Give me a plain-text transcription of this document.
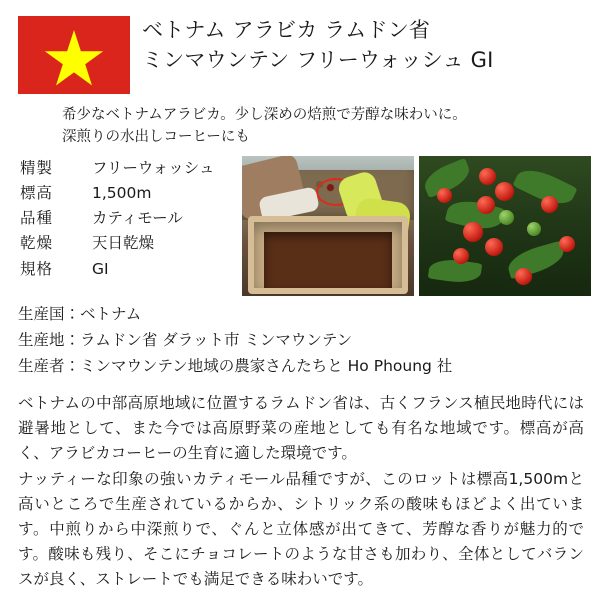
ベトナム アラビカ ラムドン省
ミンマウンテン フリーウォッシュ GI
希少なベトナムアラビカ。少し深めの焙煎で芳醇な味わいに。
深煎りの水出しコーヒーにも
精製	フリーウォッシュ
標高	1,500m
品種	カティモール
乾燥	天日乾燥
規格	GI
生産国：ベトナム
生産地：ラムドン省 ダラット市 ミンマウンテン
生産者：ミンマウンテン地域の農家さんたちと Ho Phoung 社

ベトナムの中部高原地域に位置するラムドン省は、古くフランス植民地時代には避暑地として、また今では高原野菜の産地としても有名な地域です。標高が高く、アラビカコーヒーの生育に適した環境です。

ナッティーな印象の強いカティモール品種ですが、このロットは標高1,500mと高いところで生産されているからか、シトリック系の酸味もほどよく出ています。中煎りから中深煎りで、ぐんと立体感が出てきて、芳醇な香りが魅力的です。酸味も残り、そこにチョコレートのような甘さも加わり、全体としてバランスが良く、ストレートでも満足できる味わいです。
